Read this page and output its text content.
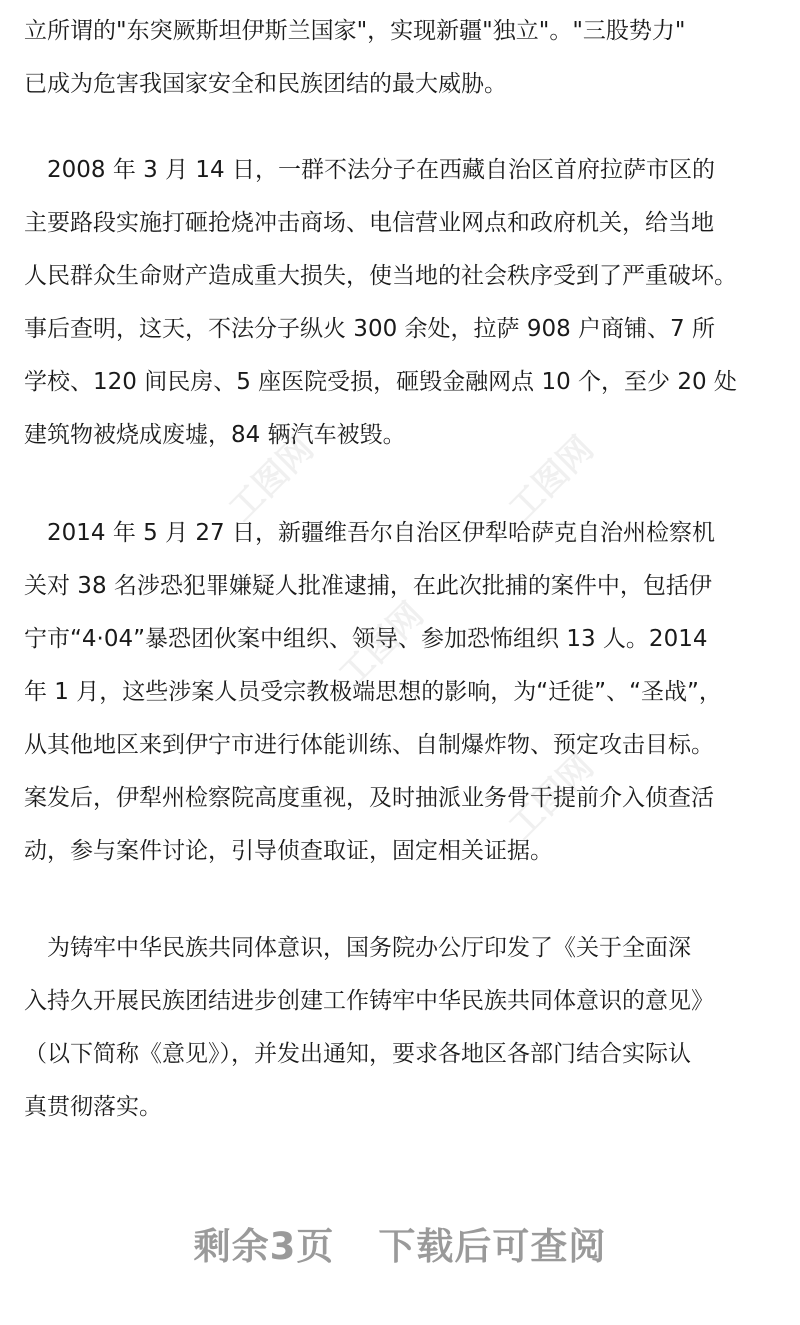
工图网	工图网
工图网
工图网
立所谓的"东突厥斯坦伊斯兰国家"，实现新疆"独立"。"三股势力"
已成为危害我国家安全和民族团结的最大威胁。
　2008 年 3 月 14 日，一群不法分子在西藏自治区首府拉萨市区的
主要路段实施打砸抢烧冲击商场、电信营业网点和政府机关，给当地
人民群众生命财产造成重大损失，使当地的社会秩序受到了严重破坏。
事后查明，这天，不法分子纵火 300 余处，拉萨 908 户商铺、7 所
学校、120 间民房、5 座医院受损，砸毁金融网点 10 个，至少 20 处
建筑物被烧成废墟，84 辆汽车被毁。
　2014 年 5 月 27 日，新疆维吾尔自治区伊犁哈萨克自治州检察机
关对 38 名涉恐犯罪嫌疑人批准逮捕，在此次批捕的案件中，包括伊
宁市“4·04”暴恐团伙案中组织、领导、参加恐怖组织 13 人。2014
年 1 月，这些涉案人员受宗教极端思想的影响，为“迁徙”、“圣战”，
从其他地区来到伊宁市进行体能训练、自制爆炸物、预定攻击目标。
案发后，伊犁州检察院高度重视，及时抽派业务骨干提前介入侦查活
动，参与案件讨论，引导侦查取证，固定相关证据。
　为铸牢中华民族共同体意识，国务院办公厅印发了《关于全面深
入持久开展民族团结进步创建工作铸牢中华民族共同体意识的意见》
（以下简称《意见》），并发出通知，要求各地区各部门结合实际认
真贯彻落实。
剩余3页 下载后可查阅
